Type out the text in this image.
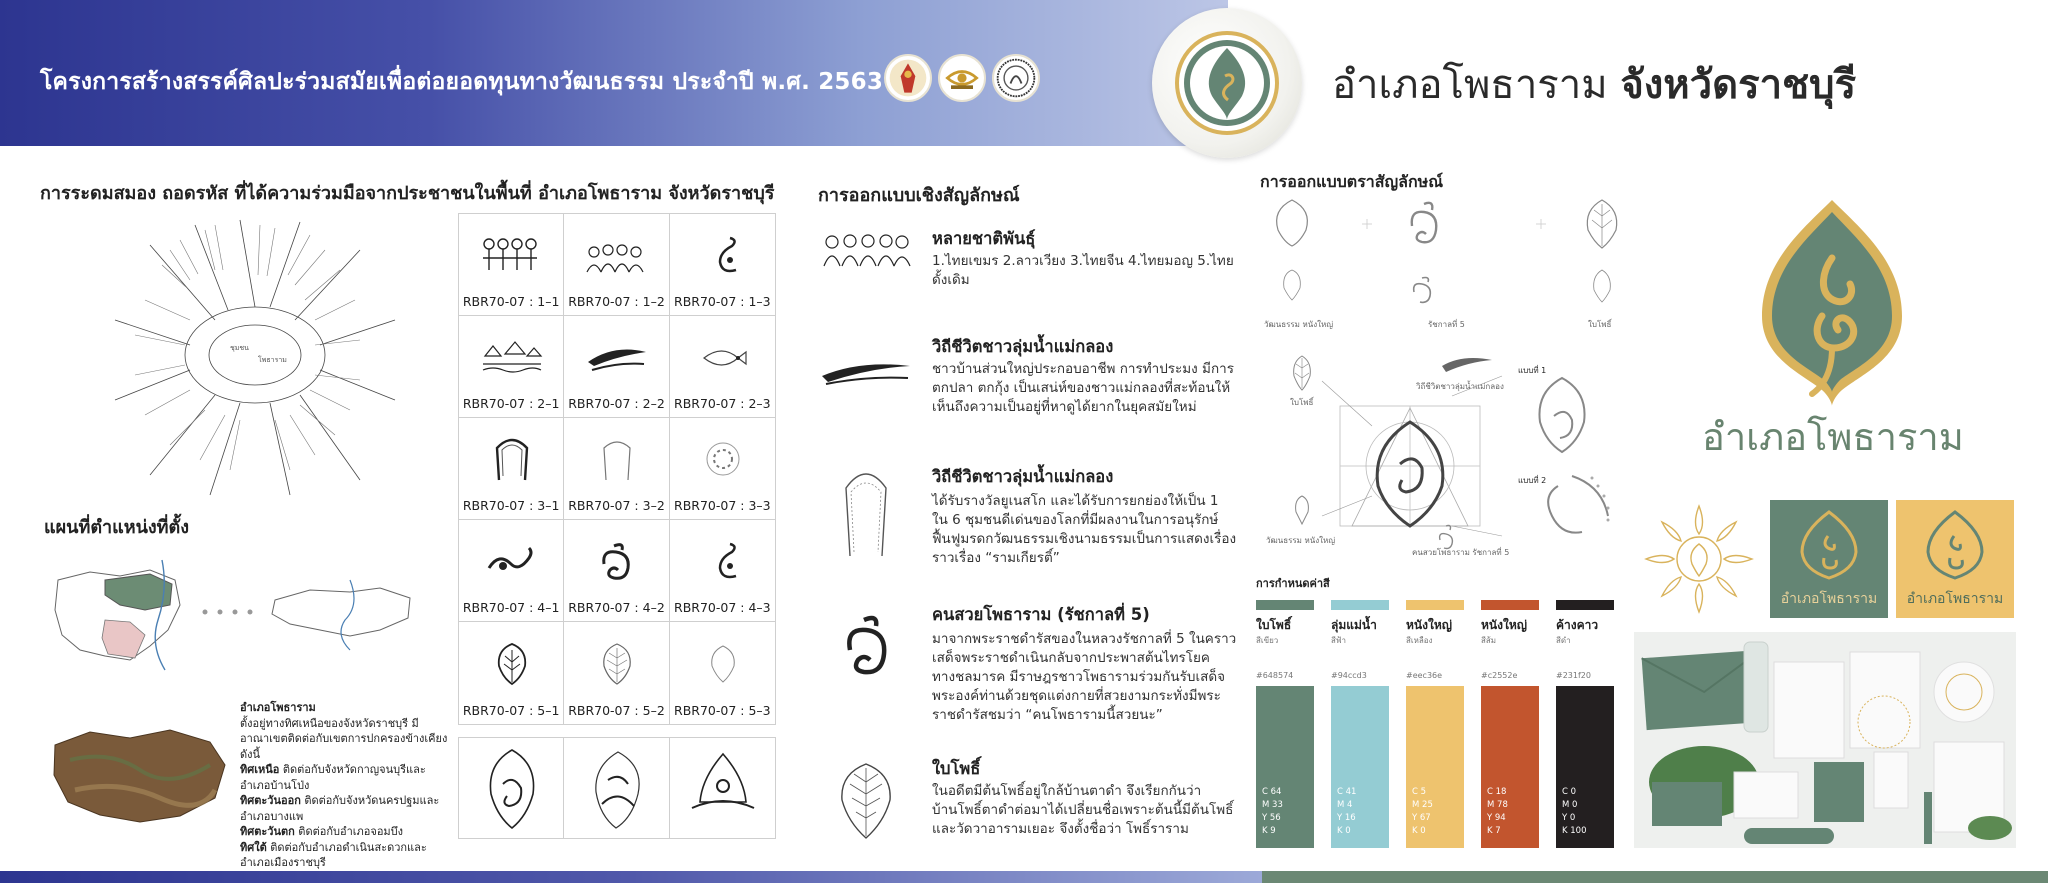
โครงการสร้างสรรค์ศิลปะร่วมสมัยเพื่อต่อยอดทุนทางวัฒนธรรม ประจำปี พ.ศ. 2563	อำเภอโพธาราม จังหวัดราชบุรี
การระดมสมอง ถอดรหัส ที่ได้ความร่วมมือจากประชาชนในพื้นที่ อำเภอโพธาราม จังหวัดราชบุรี
ชุมชน
โพธาราม
แผนที่ตำแหน่งที่ตั้ง
อำเภอโพธาราม
ตั้งอยู่ทางทิศเหนือของจังหวัดราชบุรี มีอาณาเขตติดต่อกับเขตการปกครองข้างเคียง ดังนี้
ทิศเหนือ ติดต่อกับจังหวัดกาญจนบุรีและอำเภอบ้านโป่ง
ทิศตะวันออก ติดต่อกับจังหวัดนครปฐมและอำเภอบางแพ
ทิศตะวันตก ติดต่อกับอำเภอจอมบึง
ทิศใต้ ติดต่อกับอำเภอดำเนินสะดวกและอำเภอเมืองราชบุรี
RBR70-07 : 1–1 RBR70-07 : 1–2 RBR70-07 : 1–3
RBR70-07 : 2–1 RBR70-07 : 2–2 RBR70-07 : 2–3
RBR70-07 : 3–1 RBR70-07 : 3–2 RBR70-07 : 3–3
RBR70-07 : 4–1 RBR70-07 : 4–2 RBR70-07 : 4–3
RBR70-07 : 5–1 RBR70-07 : 5–2 RBR70-07 : 5–3
การออกแบบเชิงสัญลักษณ์
หลายชาติพันธุ์
1.ไทยเขมร 2.ลาวเวียง 3.ไทยจีน 4.ไทยมอญ 5.ไทยดั้งเดิม
วิถีชีวิตชาวลุ่มน้ำแม่กลอง
ชาวบ้านส่วนใหญ่ประกอบอาชีพ การทำประมง มีการตกปลา ตกกุ้ง เป็นเสน่ห์ของชาวแม่กลองที่สะท้อนให้เห็นถึงความเป็นอยู่ที่หาดูได้ยากในยุคสมัยใหม่
วิถีชีวิตชาวลุ่มน้ำแม่กลอง
ได้รับรางวัลยูเนสโก และได้รับการยกย่องให้เป็น 1 ใน 6 ชุมชนดีเด่นของโลกที่มีผลงานในการอนุรักษ์ฟื้นฟูมรดกวัฒนธรรมเชิงนามธรรมเป็นการแสดงเรื่องราวเรื่อง “รามเกียรติ์”
คนสวยโพธาราม (รัชกาลที่ 5)
มาจากพระราชดำรัสของในหลวงรัชกาลที่ 5 ในคราวเสด็จพระราชดำเนินกลับจากประพาสต้นไทรโยค ทางชลมารค มีราษฎรชาวโพธารามร่วมกันรับเสด็จพระองค์ท่านด้วยชุดแต่งกายที่สวยงามกระทั่งมีพระราชดำรัสชมว่า “คนโพธารามนี้สวยนะ”
ใบโพธิ์
ในอดีตมีต้นโพธิ์อยู่ใกล้บ้านตาดำ จึงเรียกกันว่าบ้านโพธิ์ตาดำต่อมาได้เปลี่ยนชื่อเพราะต้นนี้มีต้นโพธิ์และวัดวาอารามเยอะ จึงตั้งชื่อว่า โพธิ์ราราม
การออกแบบตราสัญลักษณ์
วัฒนธรรม หนังใหญ่	รัชกาลที่ 5	ใบโพธิ์
ใบโพธิ์
วิถีชีวิตชาวลุ่มน้ำแม่กลอง
วัฒนธรรม หนังใหญ่
คนสวยโพธาราม รัชกาลที่ 5
แบบที่ 1
แบบที่ 2
การกำหนดค่าสี
ใบโพธิ์
สีเขียว
#648574
C 64
M 33
Y 56
K 9
ลุ่มแม่น้ำ
สีฟ้า
#94ccd3
C 41
M 4
Y 16
K 0
หนังใหญ่
สีเหลือง
#eec36e
C 5
M 25
Y 67
K 0
หนังใหญ่
สีส้ม
#c2552e
C 18
M 78
Y 94
K 7
ค้างคาว
สีดำ
#231f20
C 0
M 0
Y 0
K 100
อำเภอโพธาราม
อำเภอโพธาราม	อำเภอโพธาราม
